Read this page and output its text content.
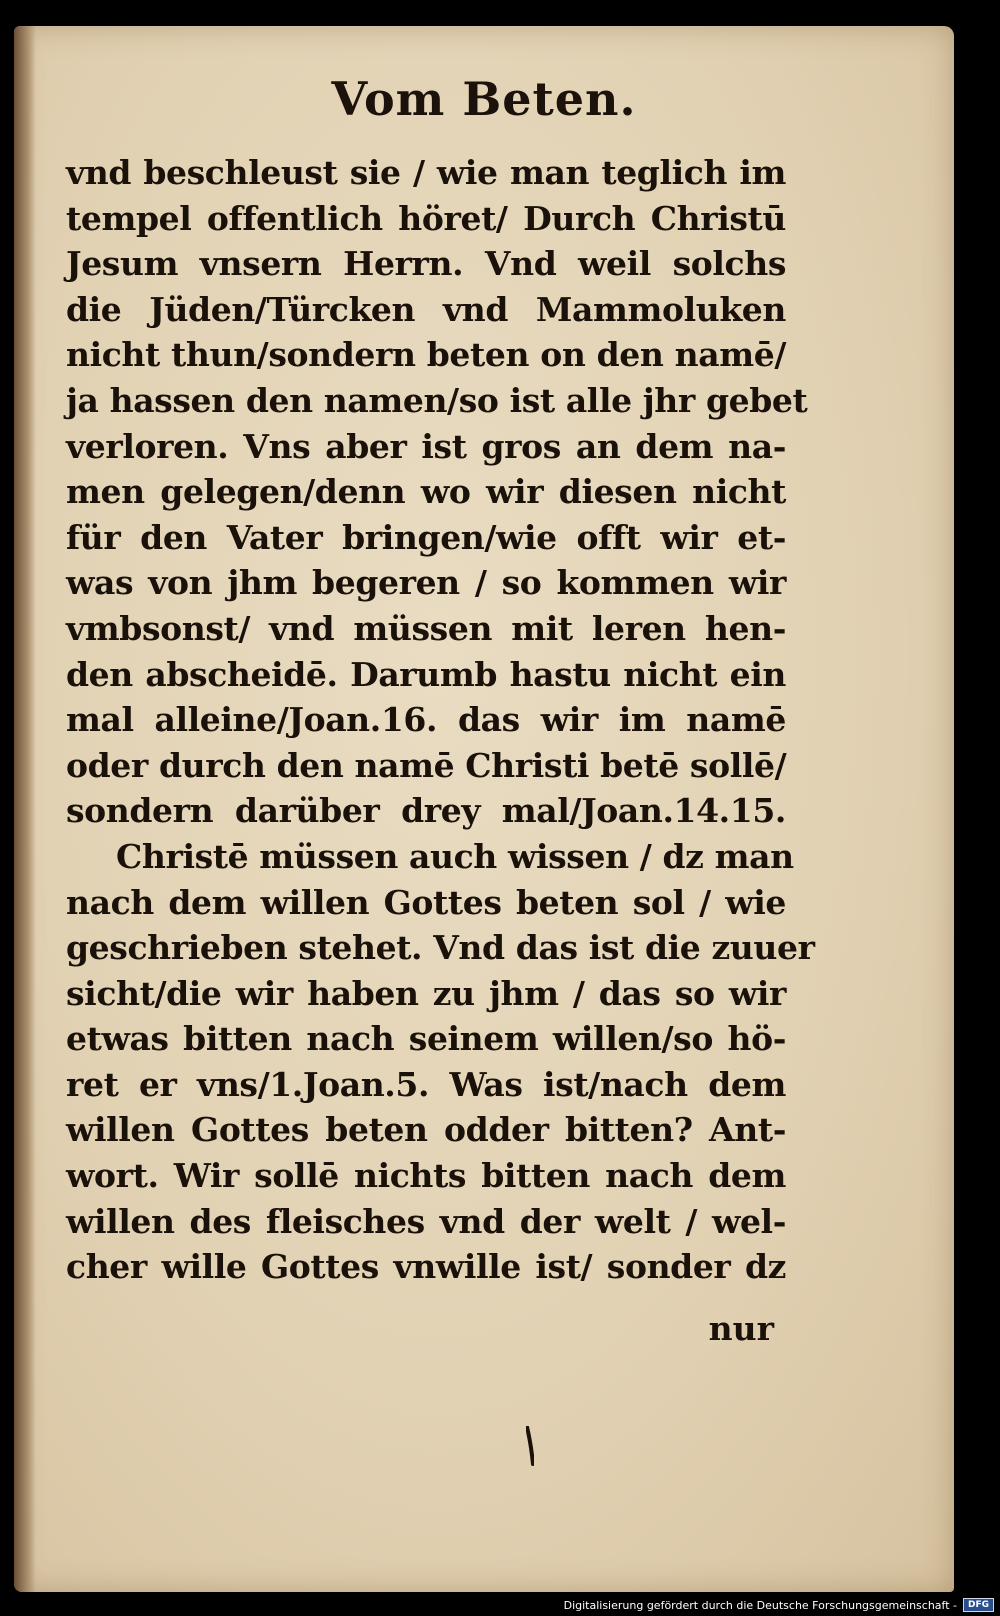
Vom Beten.
vnd beschleust sie / wie man teglich im
tempel offentlich höret/ Durch Christū
Jesum vnsern Herrn. Vnd weil solchs
die Jüden/Türcken vnd Mammoluken
nicht thun/sondern beten on den namē/
ja hassen den namen/so ist alle jhr gebet
verloren. Vns aber ist gros an dem na-
men gelegen/denn wo wir diesen nicht
für den Vater bringen/wie offt wir et-
was von jhm begeren / so kommen wir
vmbsonst/ vnd müssen mit leren hen-
den abscheidē. Darumb hastu nicht ein
mal alleine/Joan.16. das wir im namē
oder durch den namē Christi betē sollē/
sondern darüber drey mal/Joan.14.15.
Christē müssen auch wissen / dz man
nach dem willen Gottes beten sol / wie
geschrieben stehet. Vnd das ist die zuuer
sicht/die wir haben zu jhm / das so wir
etwas bitten nach seinem willen/so hö-
ret er vns/1.Joan.5. Was ist/nach dem
willen Gottes beten odder bitten? Ant-
wort. Wir sollē nichts bitten nach dem
willen des fleisches vnd der welt / wel-
cher wille Gottes vnwille ist/ sonder dz
nur
Digitalisierung gefördert durch die Deutsche Forschungsgemeinschaft -	DFG
